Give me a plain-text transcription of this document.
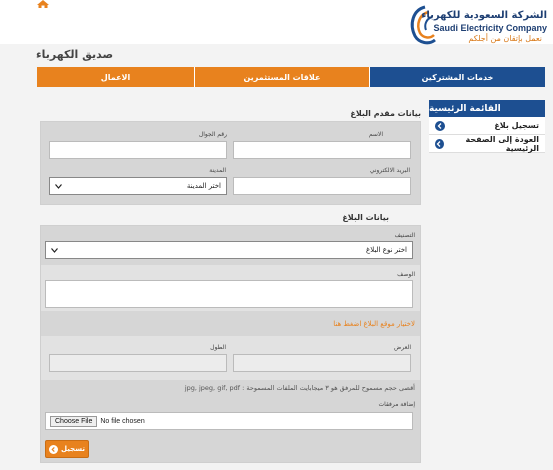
الشركة السعودية للكهرباء
Saudi Electricity Company
نعمل بإتقان من أجلكم
صديق الكهرباء
الاعمال	علاقات المستثمرين	خدمات المشتركين
القائمة الرئيسية
تسجيل بلاغ
العودة إلى الصفحة الرئيسية
بيانات مقدم البلاغ
الاسم
رقم الجوال
البريد الالكتروني
المدينة
اختر المدينة
بيانات البلاغ
التصنيف
اختر نوع البلاغ
الوصف
لاختيار موقع البلاغ اضغط هنا
العرض
الطول
أقصى حجم مسموح للمرفق هو ٣ ميجابايت الملفات المسموحة : jpg, jpeg, gif, pdf
إضافة مرفقات
Choose File	No file chosen
تسجيل
